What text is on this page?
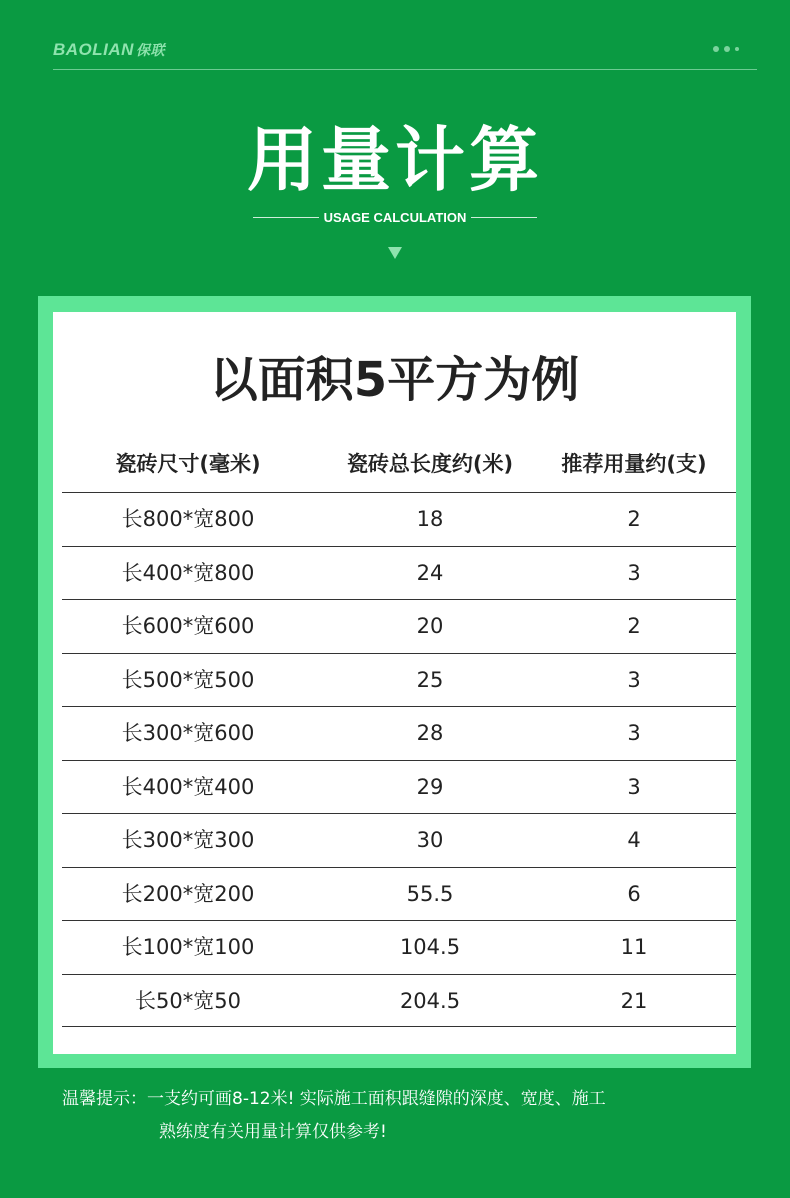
BAOLIAN 保联
用量计算
USAGE CALCULATION
以面积5平方为例
瓷砖尺寸(毫米)	瓷砖总长度约(米)	推荐用量约(支)
长800*宽800	18	2
长400*宽800	24	3
长600*宽600	20	2
长500*宽500	25	3
长300*宽600	28	3
长400*宽400	29	3
长300*宽300	30	4
长200*宽200	55.5	6
长100*宽100	104.5	11
长50*宽50	204.5	21
温馨提示：一支约可画8-12米! 实际施工面积跟缝隙的深度、宽度、施工
熟练度有关用量计算仅供参考!
